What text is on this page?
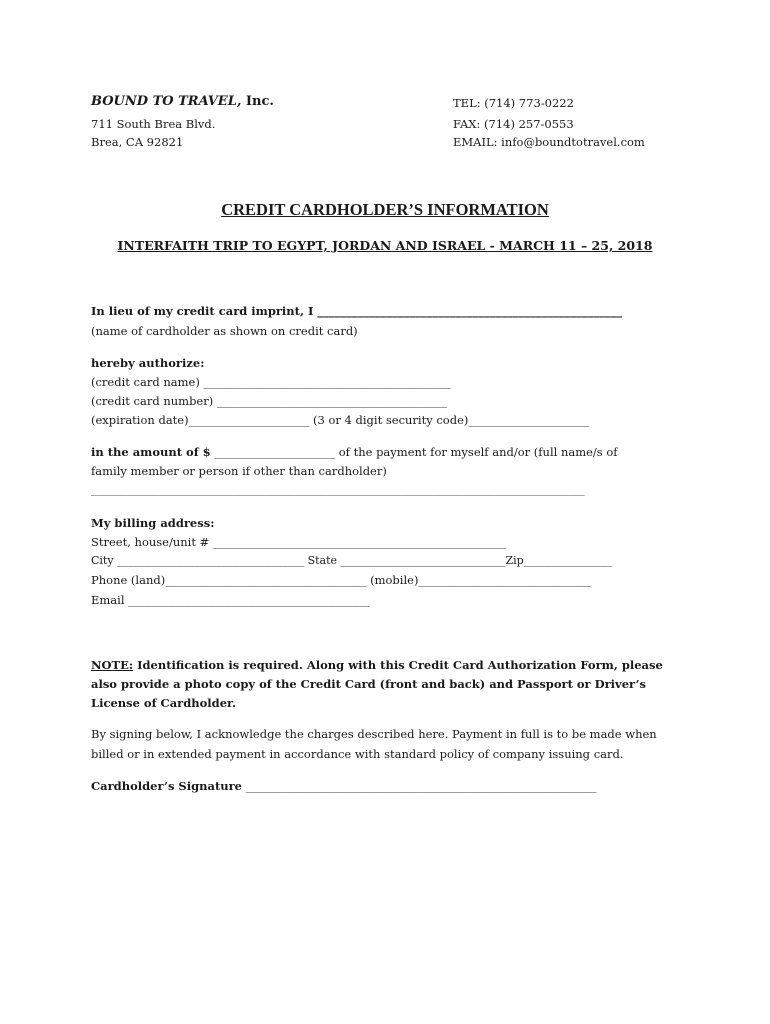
BOUND TO TRAVEL, Inc.
711 South Brea Blvd.
Brea, CA 92821
TEL: (714) 773-0222
FAX: (714) 257-0553
EMAIL: info@boundtotravel.com
CREDIT CARDHOLDER’S INFORMATION
INTERFAITH TRIP TO EGYPT, JORDAN AND ISRAEL - MARCH 11 – 25, 2018
In lieu of my credit card imprint, I _____________________________________________________
(name of cardholder as shown on credit card)
hereby authorize:
(credit card name) ___________________________________________
(credit card number) ________________________________________
(expiration date)_____________________ (3 or 4 digit security code)_____________________
in the amount of $ _____________________ of the payment for myself and/or (full name/s of
family member or person if other than cardholder)
______________________________________________________________________________________________
My billing address:
Street, house/unit # ___________________________________________________
City __________________________________ State ______________________________Zip________________
Phone (land)___________________________________ (mobile)______________________________
Email __________________________________________
NOTE: Identification is required. Along with this Credit Card Authorization Form, please also provide a photo copy of the Credit Card (front and back) and Passport or Driver’s License of Cardholder.
By signing below, I acknowledge the charges described here. Payment in full is to be made when
billed or in extended payment in accordance with standard policy of company issuing card.
Cardholder’s Signature _____________________________________________________________
